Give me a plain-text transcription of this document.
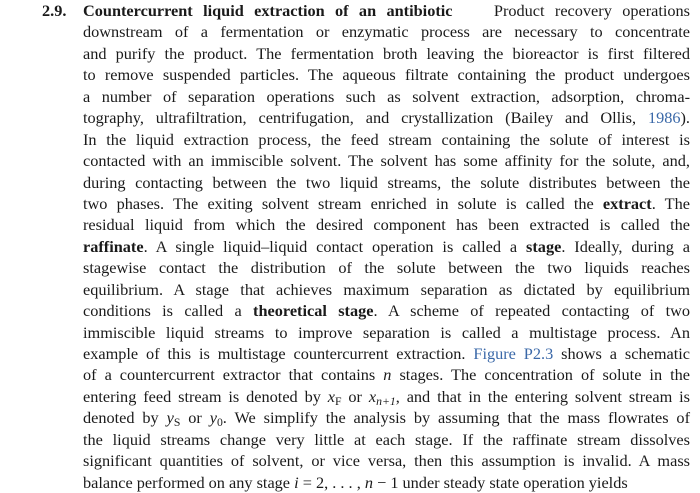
2.9. Countercurrent liquid extraction of an antibiotic	Product recovery operations
downstream of a fermentation or enzymatic process are necessary to concentrate
and purify the product. The fermentation broth leaving the bioreactor is first filtered
to remove suspended particles. The aqueous filtrate containing the product undergoes
a number of separation operations such as solvent extraction, adsorption, chroma-
tography, ultrafiltration, centrifugation, and crystallization (Bailey and Ollis, 1986).
In the liquid extraction process, the feed stream containing the solute of interest is
contacted with an immiscible solvent. The solvent has some affinity for the solute, and,
during contacting between the two liquid streams, the solute distributes between the
two phases. The exiting solvent stream enriched in solute is called the extract. The
residual liquid from which the desired component has been extracted is called the
raffinate. A single liquid–liquid contact operation is called a stage. Ideally, during a
stagewise contact the distribution of the solute between the two liquids reaches
equilibrium. A stage that achieves maximum separation as dictated by equilibrium
conditions is called a theoretical stage. A scheme of repeated contacting of two
immiscible liquid streams to improve separation is called a multistage process. An
example of this is multistage countercurrent extraction. Figure P2.3 shows a schematic
of a countercurrent extractor that contains n stages. The concentration of solute in the
entering feed stream is denoted by $x_F$ or $x_{n+1}$, and that in the entering solvent stream is
denoted by $y_S$ or $y_0$. We simplify the analysis by assuming that the mass flowrates of
the liquid streams change very little at each stage. If the raffinate stream dissolves
significant quantities of solvent, or vice versa, then this assumption is invalid. A mass
balance performed on any stage i = 2, . . . , n − 1 under steady state operation yields
